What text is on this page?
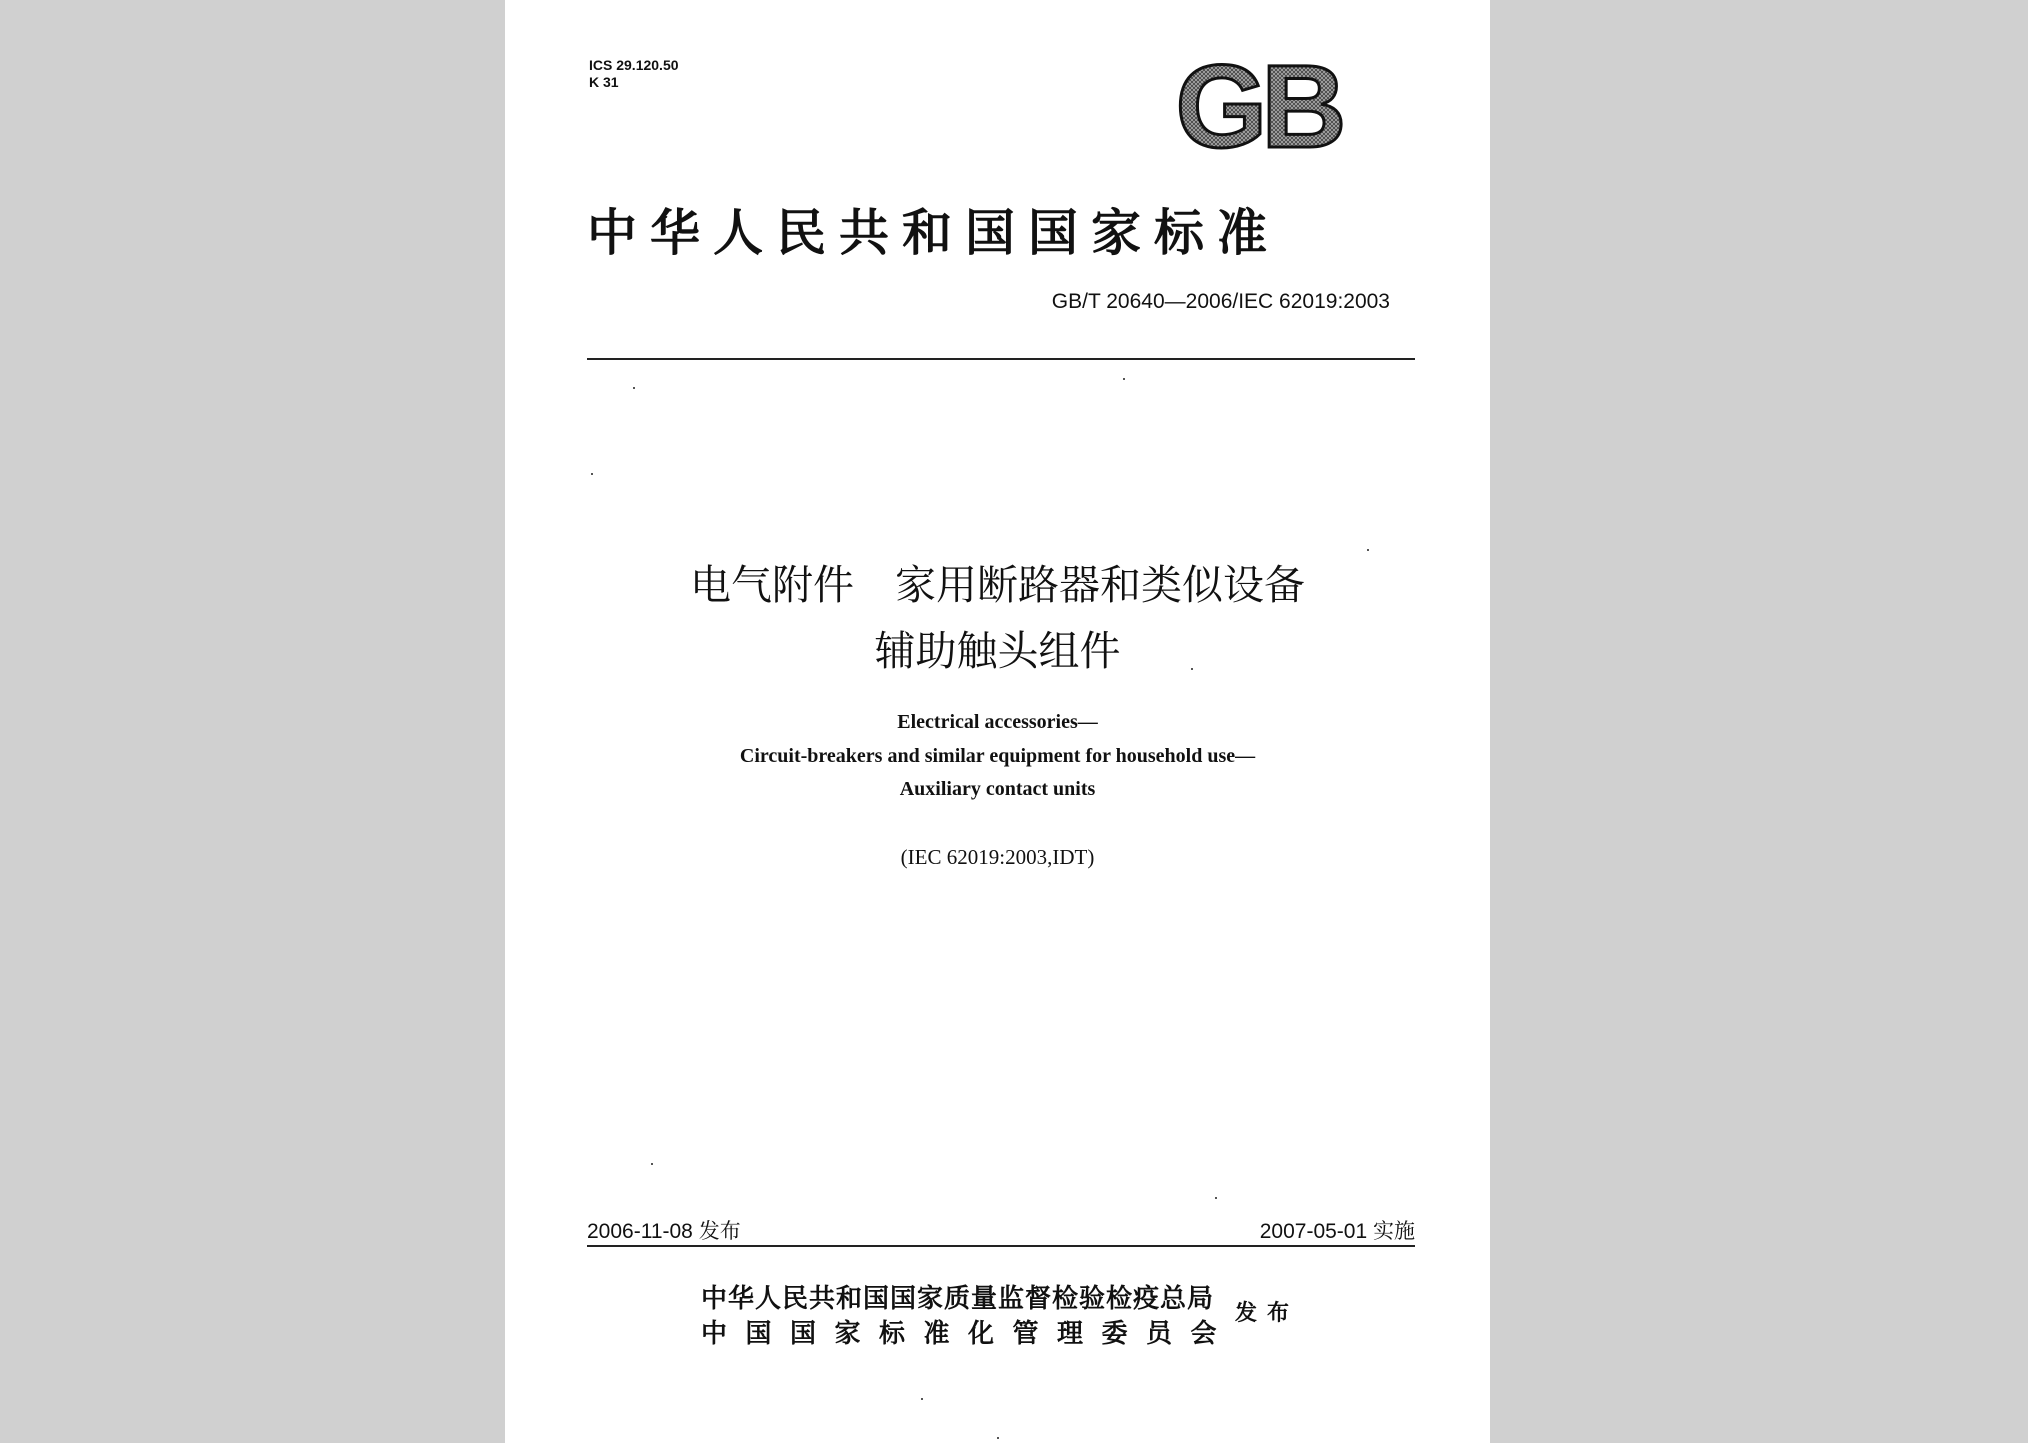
ICS 29.120.50
K 31	GB
中华人民共和国国家标准
GB/T 20640—2006/IEC 62019:2003
电气附件　家用断路器和类似设备
辅助触头组件
Electrical accessories—
Circuit-breakers and similar equipment for household use—
Auxiliary contact units
(IEC 62019:2003,IDT)
2006-11-08 发布	2007-05-01 实施
中华人民共和国国家质量监督检验检疫总局
中国国家标准化管理委员会
发布
